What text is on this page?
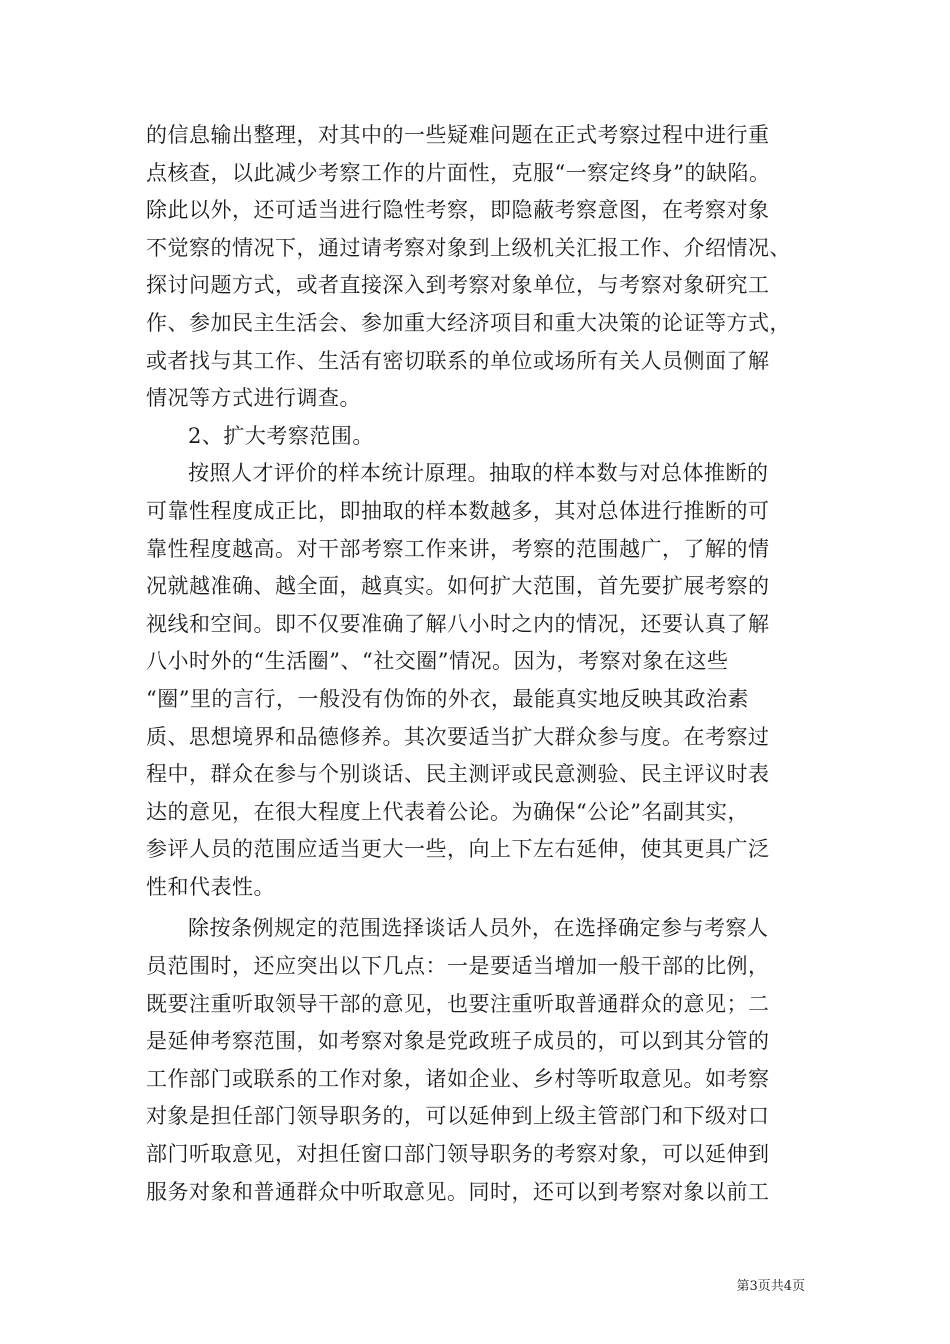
的信息输出整理，对其中的一些疑难问题在正式考察过程中进行重
点核查，以此减少考察工作的片面性，克服“一察定终身”的缺陷。
除此以外，还可适当进行隐性考察，即隐蔽考察意图，在考察对象
不觉察的情况下，通过请考察对象到上级机关汇报工作、介绍情况、
探讨问题方式，或者直接深入到考察对象单位，与考察对象研究工
作、参加民主生活会、参加重大经济项目和重大决策的论证等方式，
或者找与其工作、生活有密切联系的单位或场所有关人员侧面了解
情况等方式进行调查。
2、扩大考察范围。
按照人才评价的样本统计原理。抽取的样本数与对总体推断的
可靠性程度成正比，即抽取的样本数越多，其对总体进行推断的可
靠性程度越高。对干部考察工作来讲，考察的范围越广，了解的情
况就越准确、越全面，越真实。如何扩大范围，首先要扩展考察的
视线和空间。即不仅要准确了解八小时之内的情况，还要认真了解
八小时外的“生活圈”、“社交圈”情况。因为，考察对象在这些
“圈”里的言行，一般没有伪饰的外衣，最能真实地反映其政治素
质、思想境界和品德修养。其次要适当扩大群众参与度。在考察过
程中，群众在参与个别谈话、民主测评或民意测验、民主评议时表
达的意见，在很大程度上代表着公论。为确保“公论”名副其实，
参评人员的范围应适当更大一些，向上下左右延伸，使其更具广泛
性和代表性。
除按条例规定的范围选择谈话人员外，在选择确定参与考察人
员范围时，还应突出以下几点：一是要适当增加一般干部的比例，
既要注重听取领导干部的意见，也要注重听取普通群众的意见；二
是延伸考察范围，如考察对象是党政班子成员的，可以到其分管的
工作部门或联系的工作对象，诸如企业、乡村等听取意见。如考察
对象是担任部门领导职务的，可以延伸到上级主管部门和下级对口
部门听取意见，对担任窗口部门领导职务的考察对象，可以延伸到
服务对象和普通群众中听取意见。同时，还可以到考察对象以前工
第3页共4页
